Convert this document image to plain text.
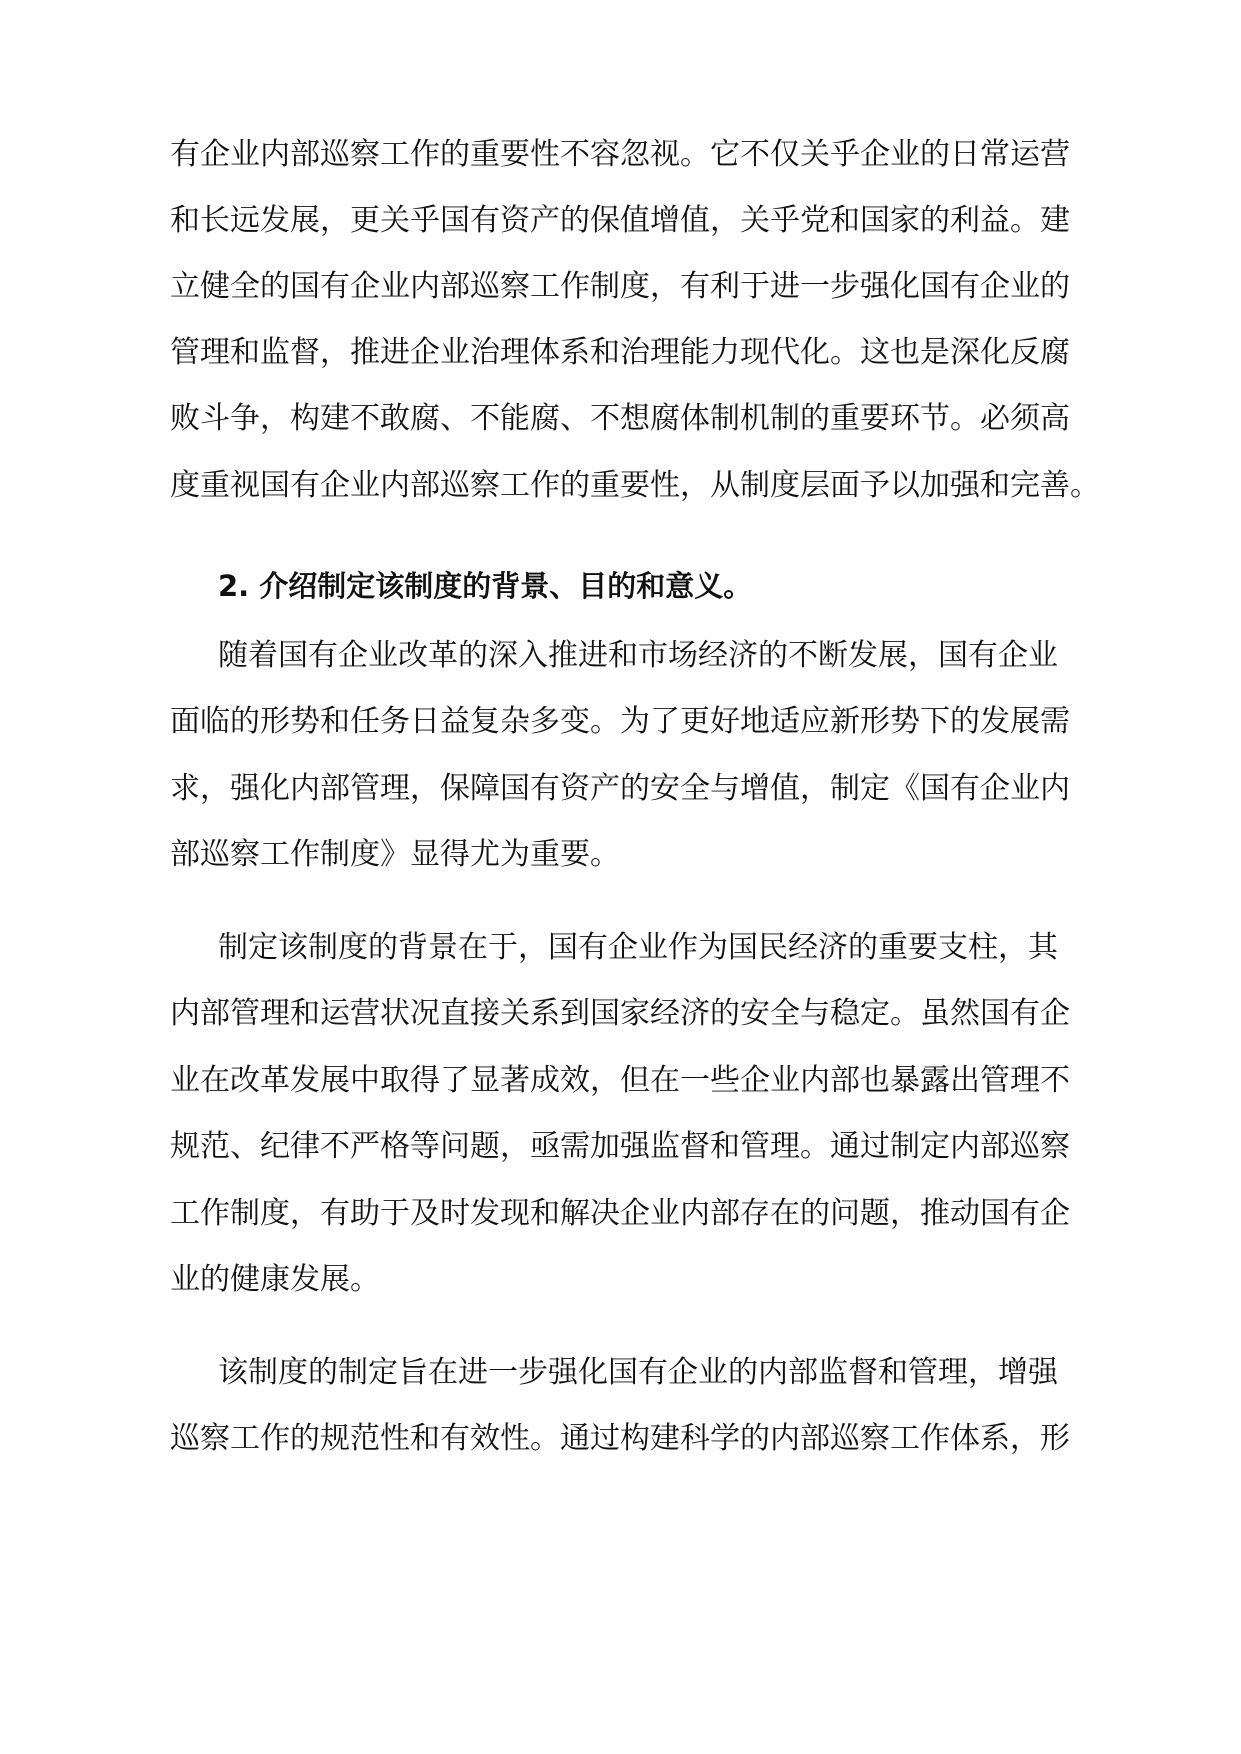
有企业内部巡察工作的重要性不容忽视。它不仅关乎企业的日常运营
和长远发展，更关乎国有资产的保值增值，关乎党和国家的利益。建
立健全的国有企业内部巡察工作制度，有利于进一步强化国有企业的
管理和监督，推进企业治理体系和治理能力现代化。这也是深化反腐
败斗争，构建不敢腐、不能腐、不想腐体制机制的重要环节。必须高
度重视国有企业内部巡察工作的重要性，从制度层面予以加强和完善。
2. 介绍制定该制度的背景、目的和意义。
随着国有企业改革的深入推进和市场经济的不断发展，国有企业
面临的形势和任务日益复杂多变。为了更好地适应新形势下的发展需
求，强化内部管理，保障国有资产的安全与增值，制定《国有企业内
部巡察工作制度》显得尤为重要。
制定该制度的背景在于，国有企业作为国民经济的重要支柱，其
内部管理和运营状况直接关系到国家经济的安全与稳定。虽然国有企
业在改革发展中取得了显著成效，但在一些企业内部也暴露出管理不
规范、纪律不严格等问题，亟需加强监督和管理。通过制定内部巡察
工作制度，有助于及时发现和解决企业内部存在的问题，推动国有企
业的健康发展。
该制度的制定旨在进一步强化国有企业的内部监督和管理，增强
巡察工作的规范性和有效性。通过构建科学的内部巡察工作体系，形
